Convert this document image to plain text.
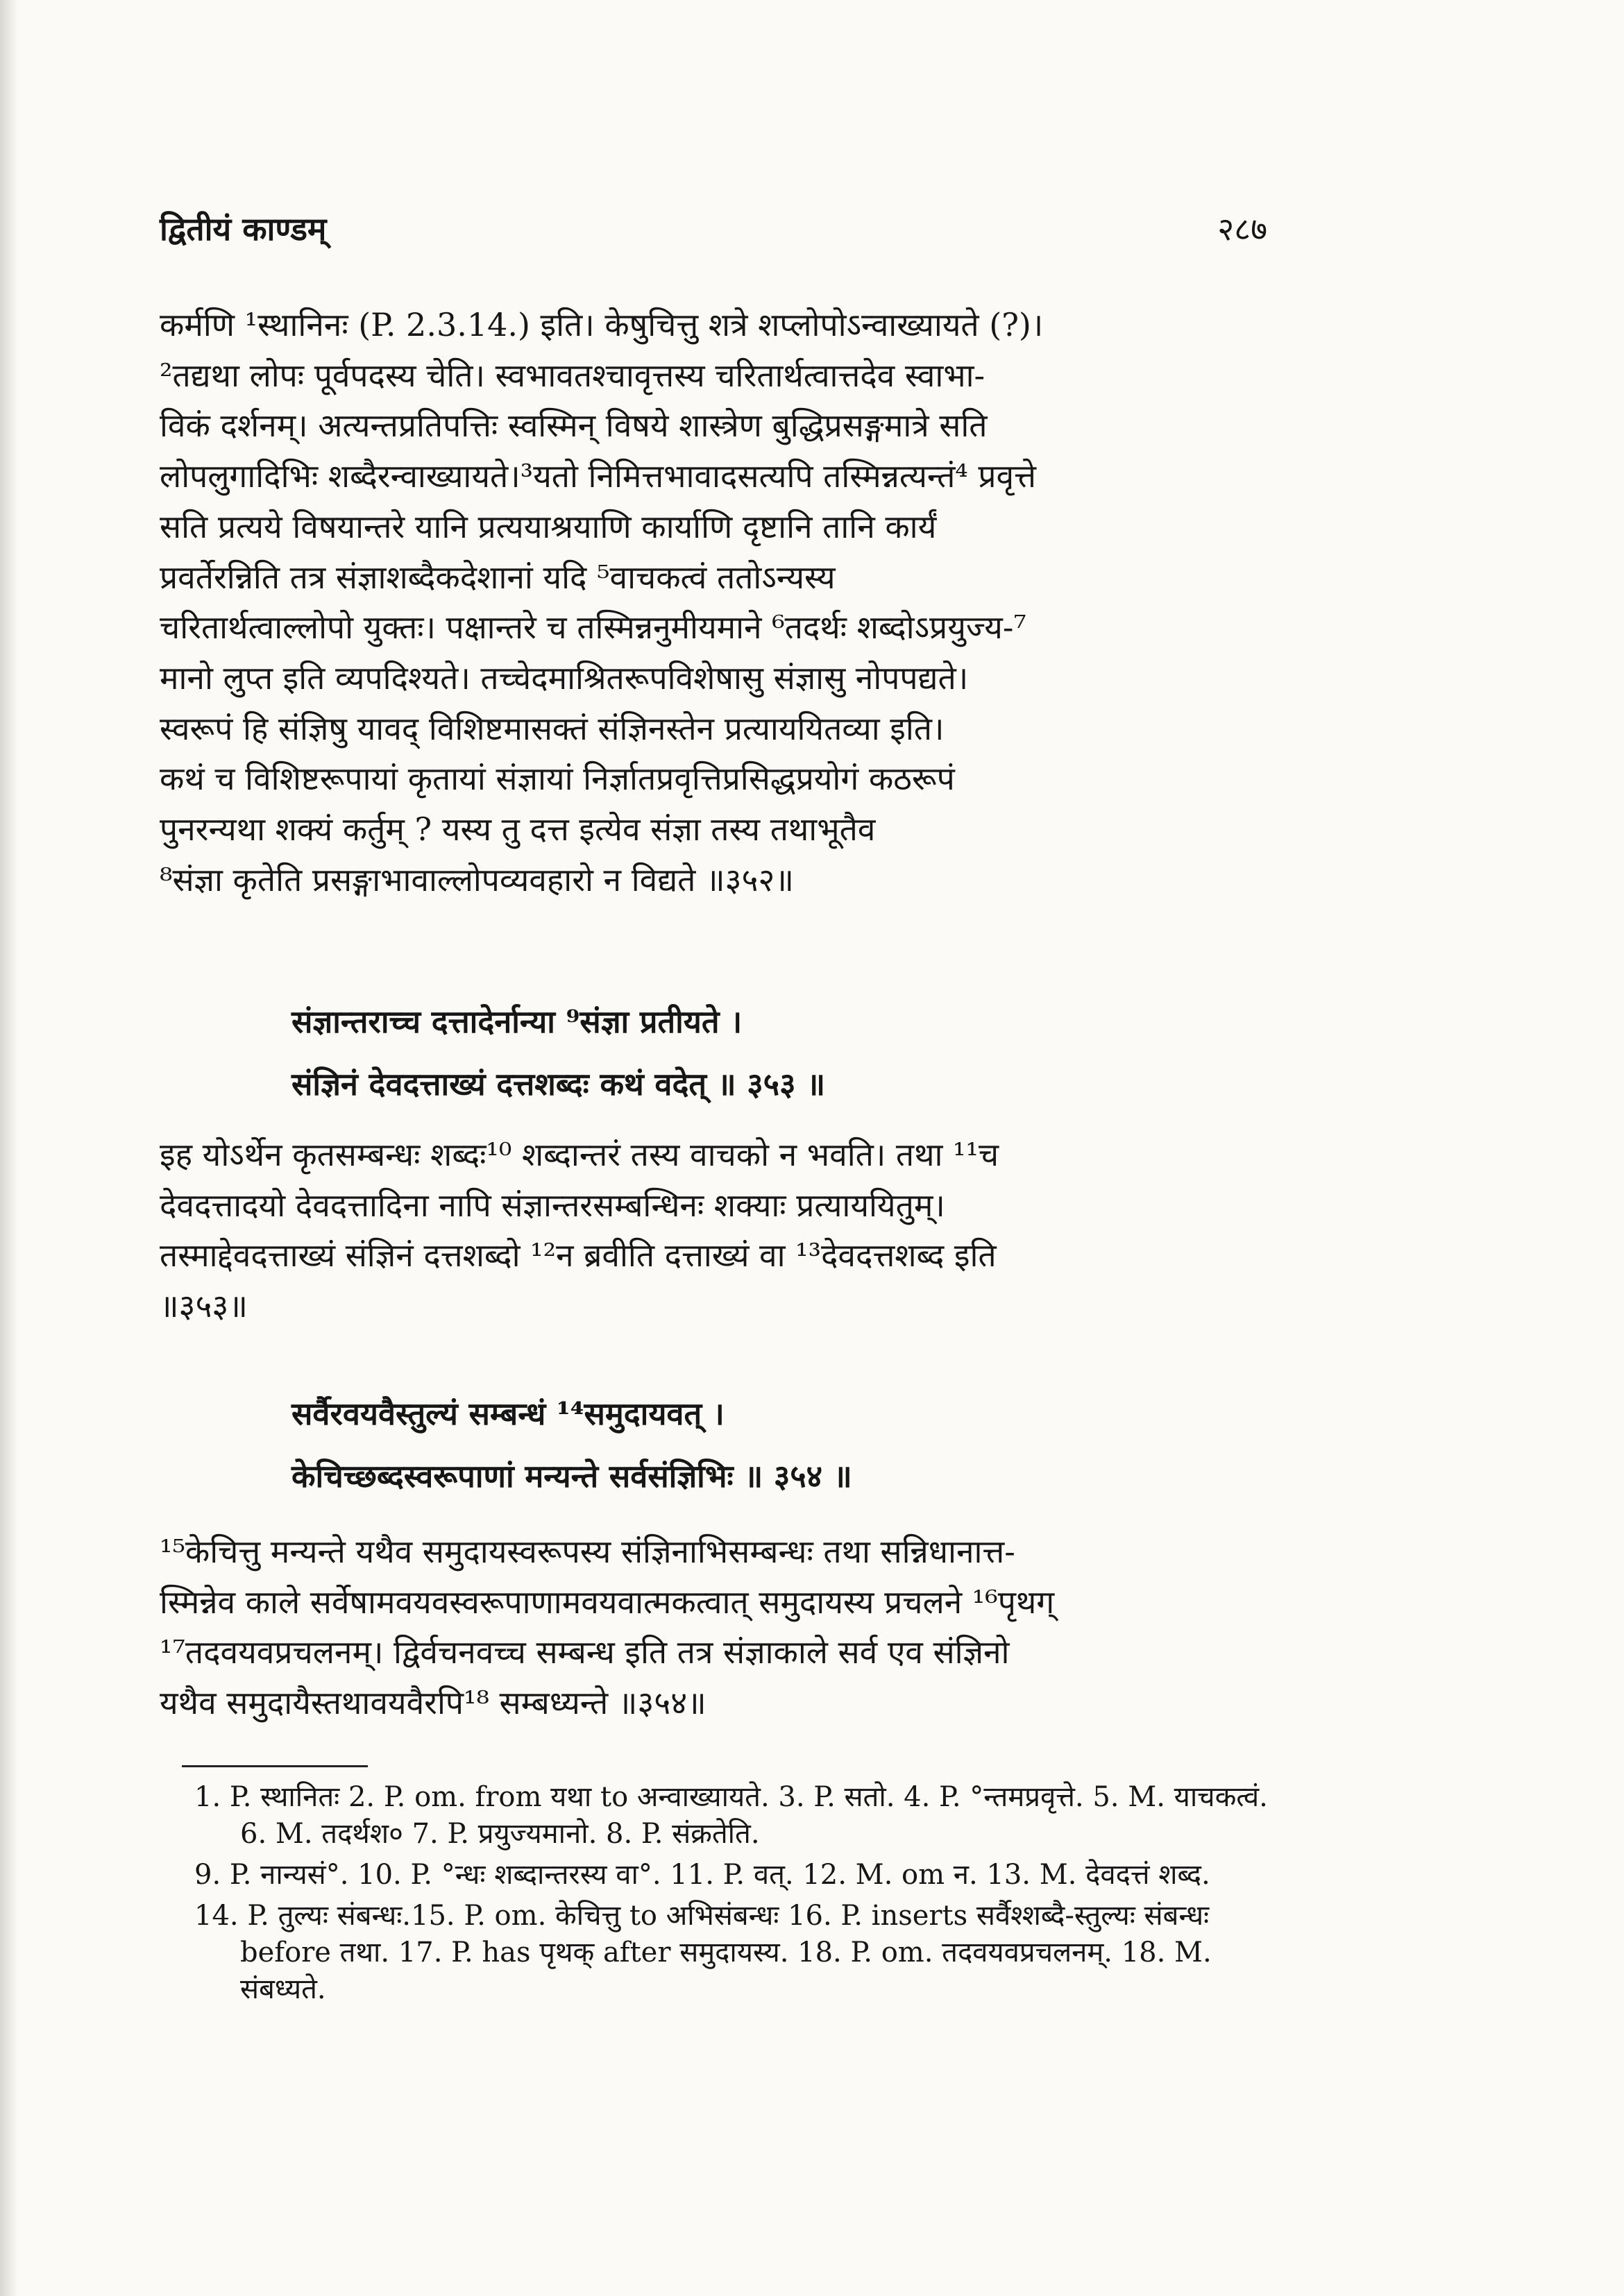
द्वितीयं काण्डम्	२८७
कर्मणि ¹स्थानिनः (P. 2.3.14.) इति। केषुचित्तु शत्रे शप्लोपोऽन्वाख्यायते (?)।
²तद्यथा लोपः पूर्वपदस्य चेति। स्वभावतश्चावृत्तस्य चरितार्थत्वात्तदेव स्वाभा-
विकं दर्शनम्। अत्यन्तप्रतिपत्तिः स्वस्मिन् विषये शास्त्रेण बुद्धिप्रसङ्गमात्रे सति
लोपलुगादिभिः शब्दैरन्वाख्यायते।³यतो निमित्तभावादसत्यपि तस्मिन्नत्यन्तं⁴ प्रवृत्ते
सति प्रत्यये विषयान्तरे यानि प्रत्ययाश्रयाणि कार्याणि दृष्टानि तानि कार्यं
प्रवर्तेरन्निति तत्र संज्ञाशब्दैकदेशानां यदि ⁵वाचकत्वं ततोऽन्यस्य
चरितार्थत्वाल्लोपो युक्तः। पक्षान्तरे च तस्मिन्ननुमीयमाने ⁶तदर्थः शब्दोऽप्रयुज्य-⁷
मानो लुप्त इति व्यपदिश्यते। तच्चेदमाश्रितरूपविशेषासु संज्ञासु नोपपद्यते।
स्वरूपं हि संज्ञिषु यावद् विशिष्टमासक्तं संज्ञिनस्तेन प्रत्याययितव्या इति।
कथं च विशिष्टरूपायां कृतायां संज्ञायां निर्ज्ञातप्रवृत्तिप्रसिद्धप्रयोगं कठरूपं
पुनरन्यथा शक्यं कर्तुम् ? यस्य तु दत्त इत्येव संज्ञा तस्य तथाभूतैव
⁸संज्ञा कृतेति प्रसङ्गाभावाल्लोपव्यवहारो न विद्यते ॥३५२॥
संज्ञान्तराच्च दत्तादेर्नान्या ⁹संज्ञा प्रतीयते ।
संज्ञिनं देवदत्ताख्यं दत्तशब्दः कथं वदेत् ॥ ३५३ ॥
इह योऽर्थेन कृतसम्बन्धः शब्दः¹⁰ शब्दान्तरं तस्य वाचको न भवति। तथा ¹¹च
देवदत्तादयो देवदत्तादिना नापि संज्ञान्तरसम्बन्धिनः शक्याः प्रत्याययितुम्।
तस्माद्देवदत्ताख्यं संज्ञिनं दत्तशब्दो ¹²न ब्रवीति दत्ताख्यं वा ¹³देवदत्तशब्द इति
॥३५३॥
सर्वैरवयवैस्तुल्यं सम्बन्धं ¹⁴समुदायवत् ।
केचिच्छब्दस्वरूपाणां मन्यन्ते सर्वसंज्ञिभिः ॥ ३५४ ॥
¹⁵केचित्तु मन्यन्ते यथैव समुदायस्वरूपस्य संज्ञिनाभिसम्बन्धः तथा सन्निधानात्त-
स्मिन्नेव काले सर्वेषामवयवस्वरूपाणामवयवात्मकत्वात् समुदायस्य प्रचलने ¹⁶पृथग्
¹⁷तदवयवप्रचलनम्। द्विर्वचनवच्च सम्बन्ध इति तत्र संज्ञाकाले सर्व एव संज्ञिनो
यथैव समुदायैस्तथावयवैरपि¹⁸ सम्बध्यन्ते ॥३५४॥

1. P. स्थानितः 2. P. om. from यथा to अन्वाख्यायते. 3. P. सतो. 4. P. °न्तमप्रवृत्ते. 5. M. याचकत्वं. 6. M. तदर्थश० 7. P. प्रयुज्यमानो. 8. P. संक्रतेति.

9. P. नान्यसं°. 10. P. °न्धः शब्दान्तरस्य वा°. 11. P. वत्. 12. M. om न. 13. M. देवदत्तं शब्द.

14. P. तुल्यः संबन्धः.15. P. om. केचित्तु to अभिसंबन्धः 16. P. inserts सर्वैश्शब्दै-स्तुल्यः संबन्धः before तथा. 17. P. has पृथक् after समुदायस्य. 18. P. om. तदवयवप्रचलनम्. 18. M. संबध्यते.
